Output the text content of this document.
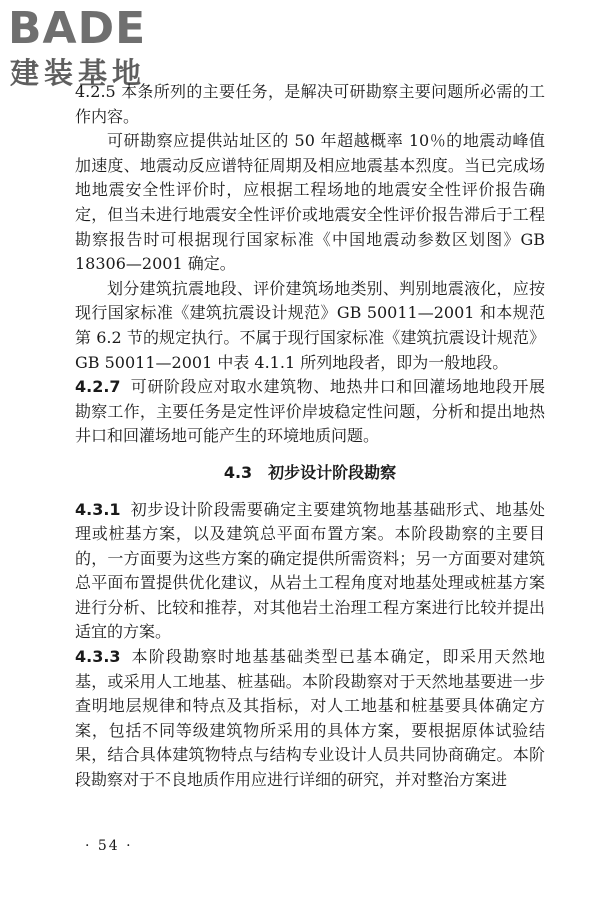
BADE
建装基地

4.2.5 本条所列的主要任务，是解决可研勘察主要问题所必需的工作内容。

可研勘察应提供站址区的 50 年超越概率 10％的地震动峰值加速度、地震动反应谱特征周期及相应地震基本烈度。当已完成场地地震安全性评价时，应根据工程场地的地震安全性评价报告确定，但当未进行地震安全性评价或地震安全性评价报告滞后于工程勘察报告时可根据现行国家标准《中国地震动参数区划图》GB 18306—2001 确定。

划分建筑抗震地段、评价建筑场地类别、判别地震液化，应按现行国家标准《建筑抗震设计规范》GB 50011—2001 和本规范第 6.2 节的规定执行。不属于现行国家标准《建筑抗震设计规范》GB 50011—2001 中表 4.1.1 所列地段者，即为一般地段。

4.2.7 可研阶段应对取水建筑物、地热井口和回灌场地地段开展勘察工作，主要任务是定性评价岸坡稳定性问题，分析和提出地热井口和回灌场地可能产生的环境地质问题。

4.3　初步设计阶段勘察

4.3.1 初步设计阶段需要确定主要建筑物地基基础形式、地基处理或桩基方案，以及建筑总平面布置方案。本阶段勘察的主要目的，一方面要为这些方案的确定提供所需资料；另一方面要对建筑总平面布置提供优化建议，从岩土工程角度对地基处理或桩基方案进行分析、比较和推荐，对其他岩土治理工程方案进行比较并提出适宜的方案。

4.3.3 本阶段勘察时地基基础类型已基本确定，即采用天然地基，或采用人工地基、桩基础。本阶段勘察对于天然地基要进一步查明地层规律和特点及其指标，对人工地基和桩基要具体确定方案，包括不同等级建筑物所采用的具体方案，要根据原体试验结果，结合具体建筑物特点与结构专业设计人员共同协商确定。本阶段勘察对于不良地质作用应进行详细的研究，并对整治方案进

· 54 ·
